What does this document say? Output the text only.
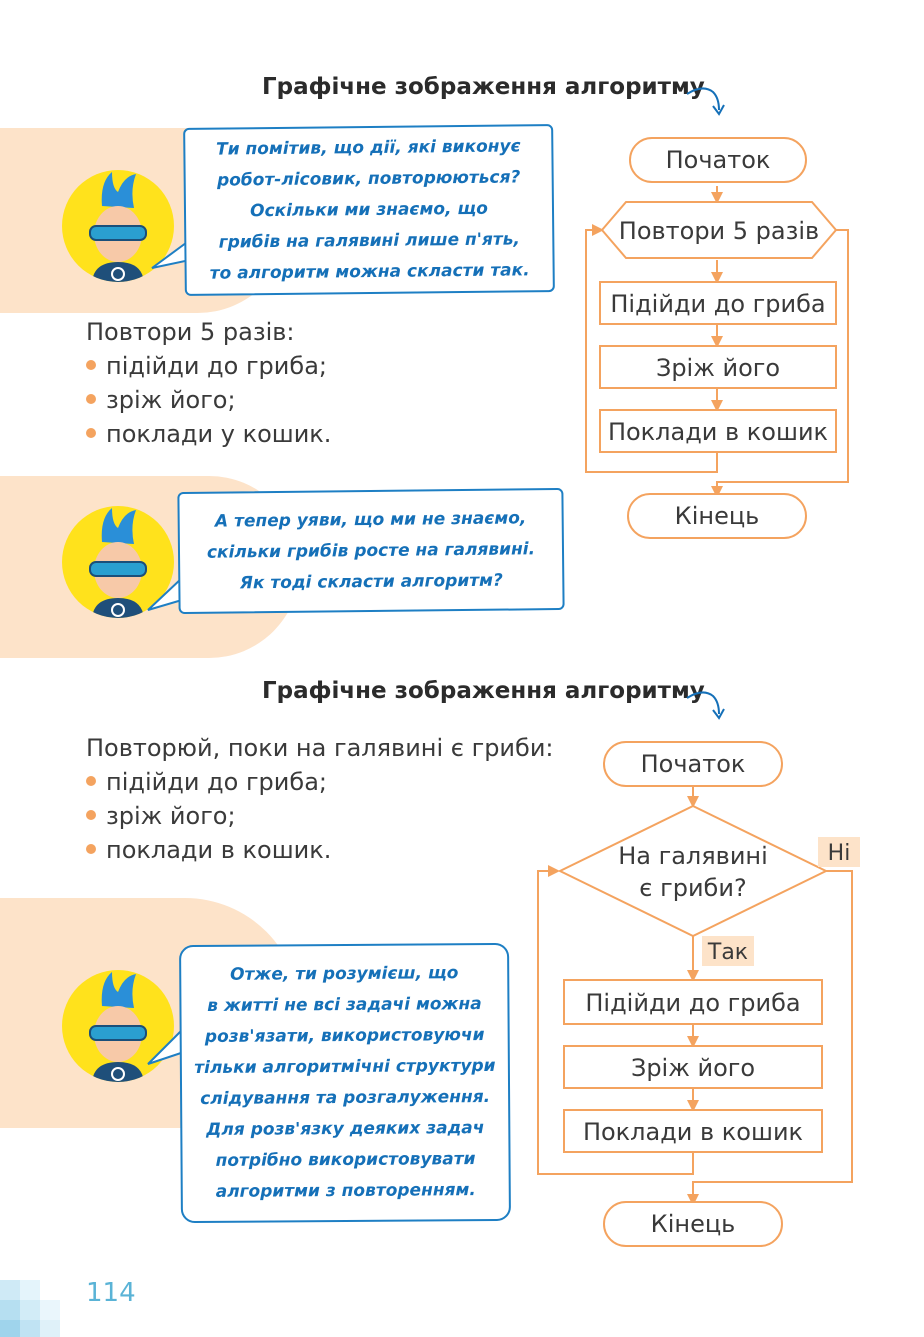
Графічне зображення алгоритму
Ти помітив, що дії, які виконує
робот-лісовик, повторюються?
Оскільки ми знаємо, що
грибів на галявині лише п'ять,
то алгоритм можна скласти так.
Повтори 5 разів:
підійди до гриба;
зріж його;
поклади у кошик.
А тепер уяви, що ми не знаємо,
скільки грибів росте на галявині.
Як тоді скласти алгоритм?
Початок
Повтори 5 разів
Підійди до гриба
Зріж його
Поклади в кошик
Кінець
Графічне зображення алгоритму
Повторюй, поки на галявині є гриби:
підійди до гриба;
зріж його;
поклади в кошик.
Отже, ти розумієш, що
в житті не всі задачі можна
розв'язати, використовуючи
тільки алгоритмічні структури
слідування та розгалуження.
Для розв'язку деяких задач
потрібно використовувати
алгоритми з повторенням.
Початок
На галявині
є гриби?
Ні
Так
Підійди до гриба
Зріж його
Поклади в кошик
Кінець
114
